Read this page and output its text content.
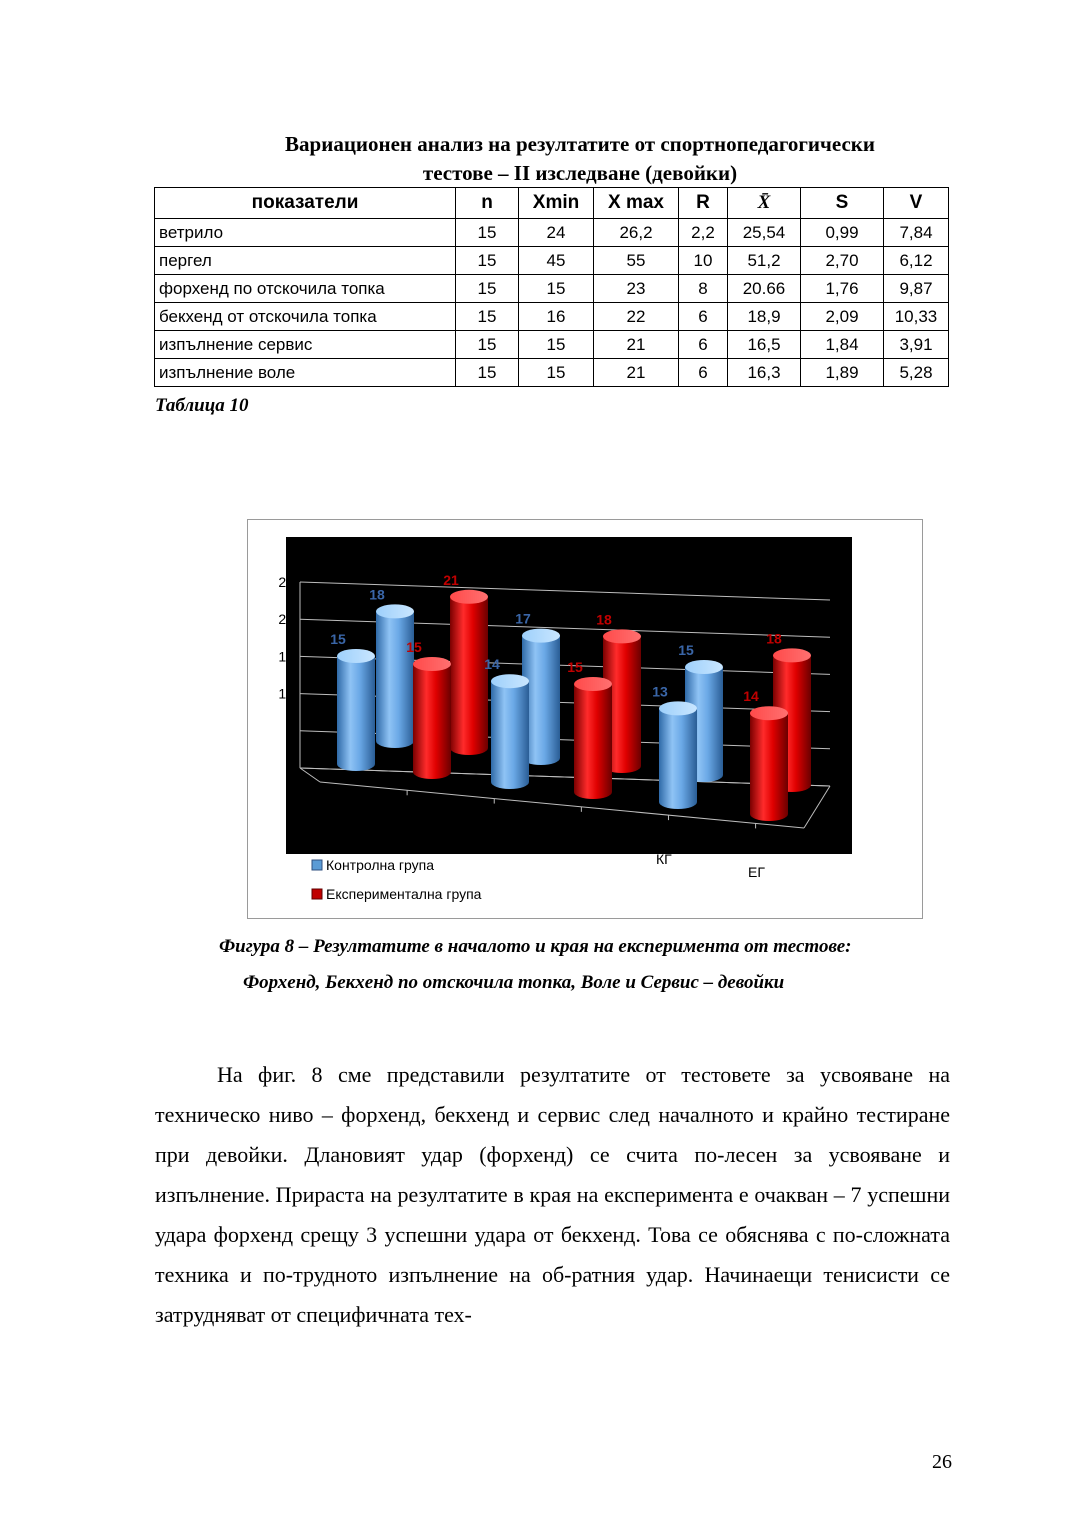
Вариационен анализ на резултатите от спортнопедагогически
тестове – II изследване (девойки)
показатели	n	Xmin	X max	R	X̄	S	V
ветрило	15	24	26,2	2,2	25,54	0,99	7,84
пергел	15	45	55	10	51,2	2,70	6,12
форхенд по отскочила топка	15	15	23	8	20.66	1,76	9,87
бекхенд от отскочила топка	15	16	22	6	18,9	2,09	10,33
изпълнение сервис	15	15	21	6	16,5	1,84	3,91
изпълнение воле	15	15	21	6	16,3	1,89	5,28
Таблица 10
0
5
10
15
20
25
18
21
17	18
15
18
15	15
14	15
13	14
Контролна група
Експериментална група
КГ
ЕГ
Фигура 8 – Резултатите в началото и края на експеримента от тестове:
Форхенд, Бекхенд по отскочила топка, Воле и Сервис – девойки
На фиг. 8 сме представили резултатите от тестовете за усвояване на техническо ниво – форхенд, бекхенд и сервис след началното и крайно тестиране при девойки. Длановият удар (форхенд) се счита по-лесен за усвояване и изпълнение. Прираста на резултатите в края на експеримента е очакван – 7 успешни удара форхенд срещу 3 успешни удара от бекхенд. Това се обяснява с по-сложната техника и по-трудното изпълнение на об-ратния удар. Начинаещи тенисисти се затрудняват от специфичната тех-
26
